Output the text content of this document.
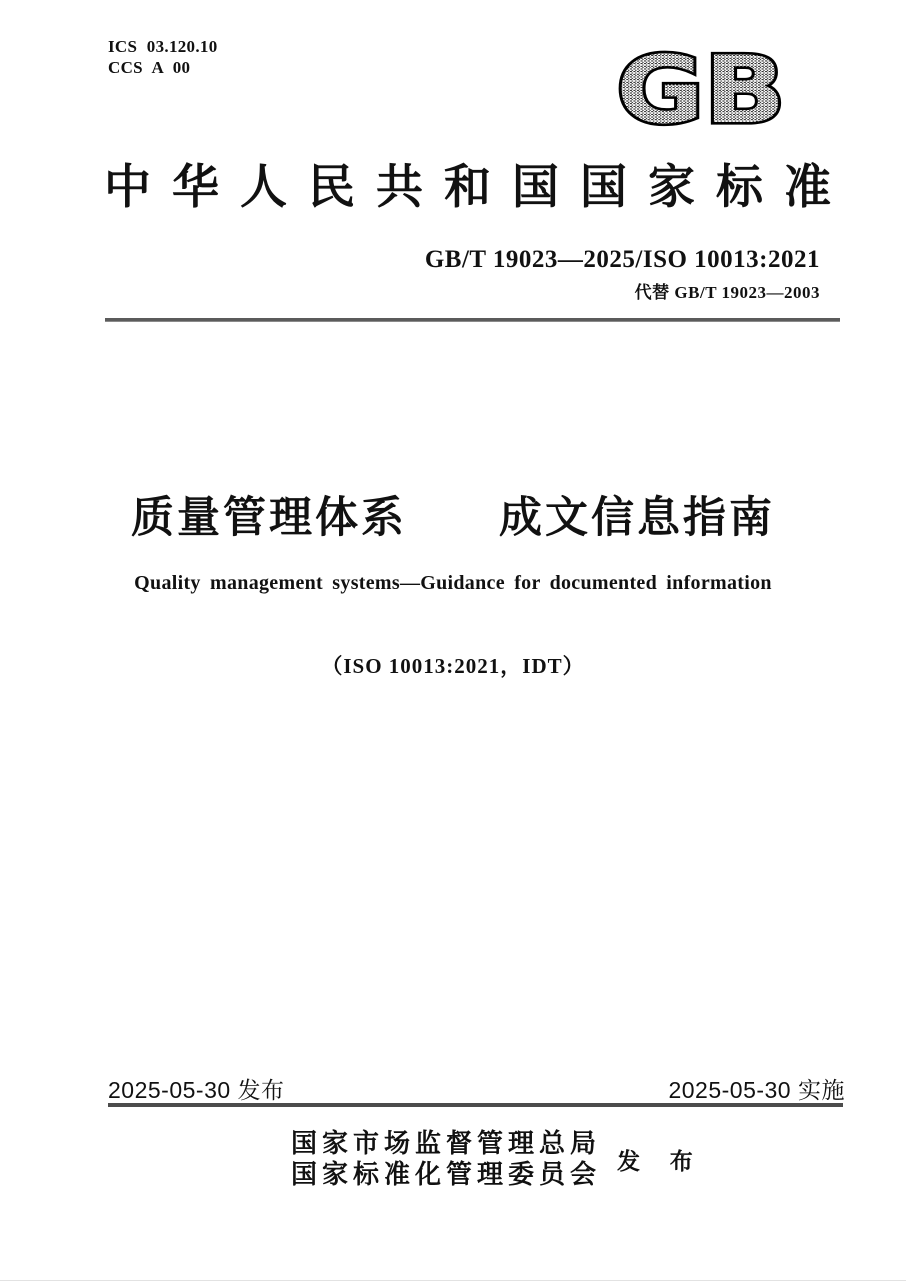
ICS 03.120.10
CCS A 00	GB
中华人民共和国国家标准
GB/T 19023—2025/ISO 10013:2021
代替 GB/T 19023—2003
质量管理体系　　成文信息指南
Quality management systems—Guidance for documented information
（ISO 10013:2021，IDT）
2025-05-30 发布	2025-05-30 实施
国家市场监督管理总局
国家标准化管理委员会 发 布
